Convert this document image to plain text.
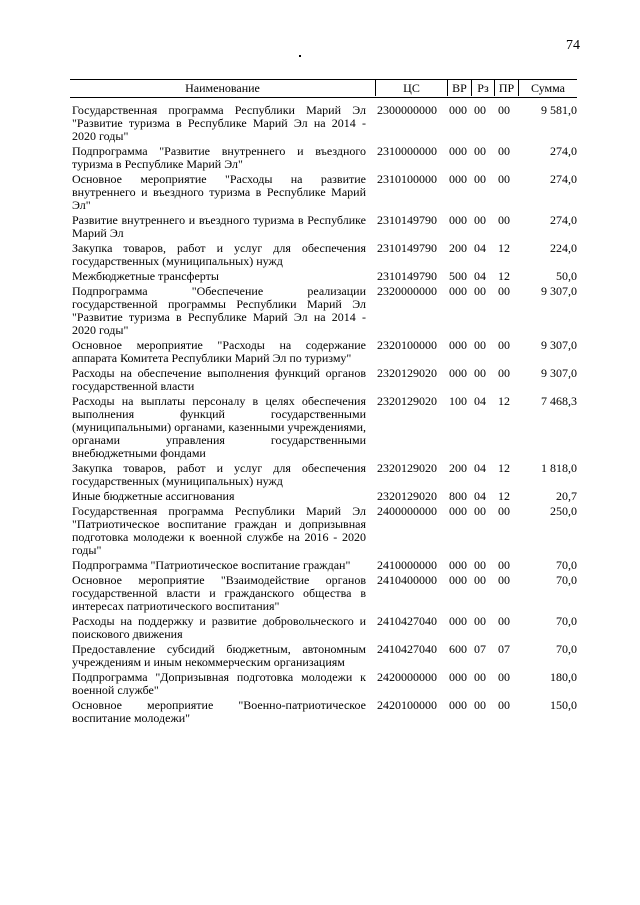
74
Наименование	ЦС	ВР Рз ПР	Сумма
Государственная программа Республики Марий Эл "Развитие туризма в Республике Марий Эл на 2014 - 2020 годы"
2300000000 000 00 00	9 581,0
Подпрограмма "Развитие внутреннего и въездного туризма в Республике Марий Эл"
2310000000 000 00 00	274,0
Основное мероприятие "Расходы на развитие внутреннего и въездного туризма в Республике Марий Эл"
2310100000 000 00 00	274,0
Развитие внутреннего и въездного туризма в Республике Марий Эл
2310149790 000 00 00	274,0
Закупка товаров, работ и услуг для обеспечения государственных (муниципальных) нужд
2310149790 200 04 12	224,0
Межбюджетные трансферты	2310149790 500 04 12	50,0
Подпрограмма "Обеспечение реализации государственной программы Республики Марий Эл "Развитие туризма в Республике Марий Эл на 2014 - 2020 годы"
2320000000 000 00 00	9 307,0
Основное мероприятие "Расходы на содержание аппарата Комитета Республики Марий Эл по туризму"
2320100000 000 00 00	9 307,0
Расходы на обеспечение выполнения функций органов государственной власти
2320129020 000 00 00	9 307,0
Расходы на выплаты персоналу в целях обеспечения выполнения функций государственными (муниципальными) органами, казенными учреждениями, органами управления государственными внебюджетными фондами
2320129020 100 04 12	7 468,3
Закупка товаров, работ и услуг для обеспечения государственных (муниципальных) нужд
2320129020 200 04 12	1 818,0
Иные бюджетные ассигнования	2320129020 800 04 12	20,7
Государственная программа Республики Марий Эл "Патриотическое воспитание граждан и допризывная подготовка молодежи к военной службе на 2016 - 2020 годы"
2400000000 000 00 00	250,0
Подпрограмма "Патриотическое воспитание граждан"	2410000000 000 00 00	70,0
Основное мероприятие "Взаимодействие органов государственной власти и гражданского общества в интересах патриотического воспитания"
2410400000 000 00 00	70,0
Расходы на поддержку и развитие добровольческого и поискового движения
2410427040 000 00 00	70,0
Предоставление субсидий бюджетным, автономным учреждениям и иным некоммерческим организациям
2410427040 600 07 07	70,0
Подпрограмма "Допризывная подготовка молодежи к военной службе"
2420000000 000 00 00	180,0
Основное мероприятие "Военно-патриотическое воспитание молодежи"
2420100000 000 00 00	150,0
